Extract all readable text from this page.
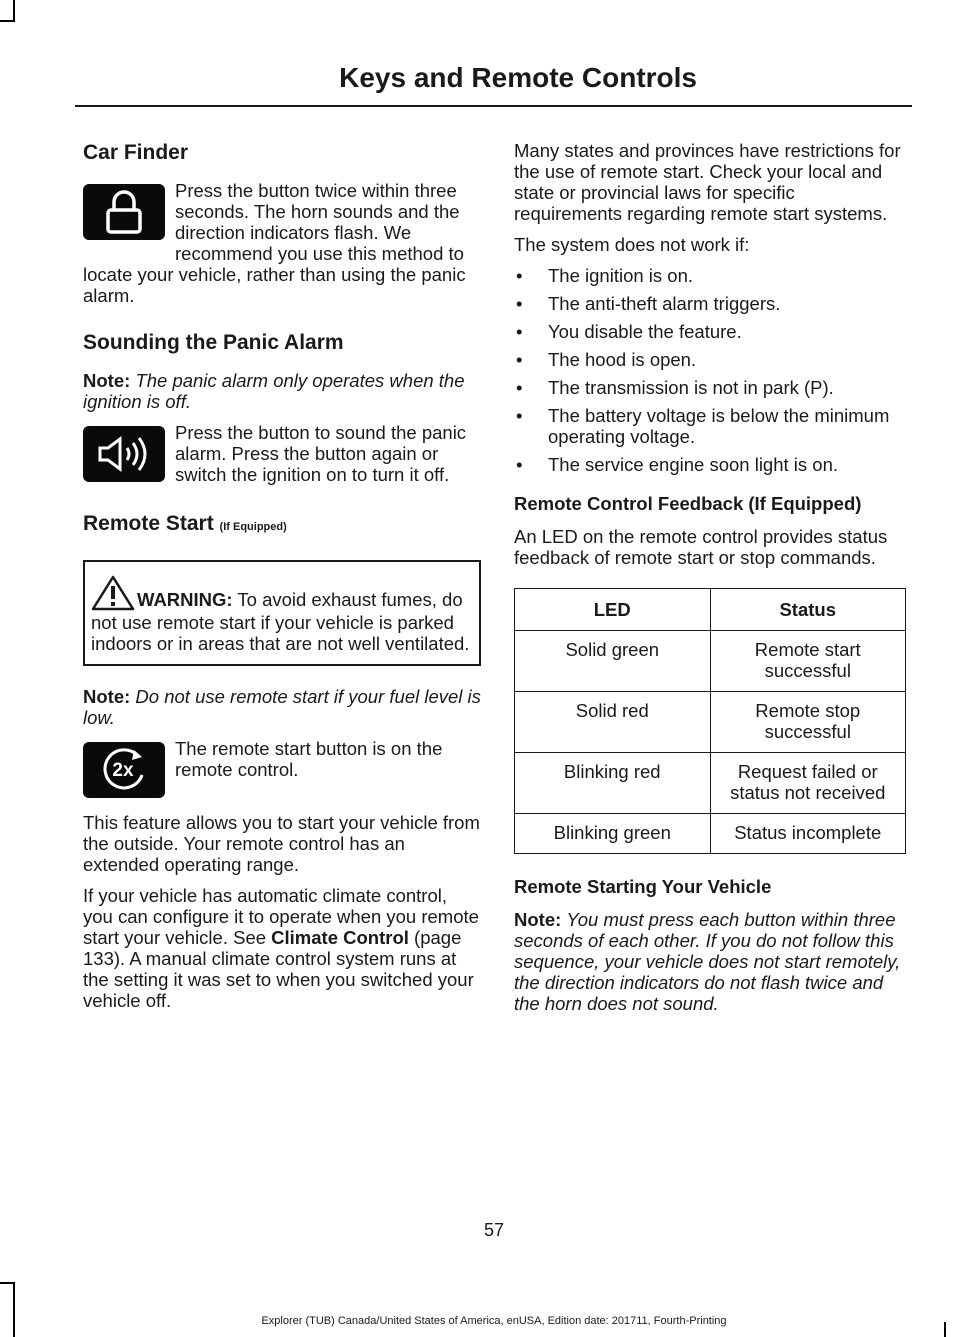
Keys and Remote Controls
Car Finder

Press the button twice within three seconds. The horn sounds and the direction indicators flash. We recommend you use this method to locate your vehicle, rather than using the panic alarm.

Sounding the Panic Alarm

Note: The panic alarm only operates when the ignition is off.

Press the button to sound the panic alarm. Press the button again or switch the ignition on to turn it off.

Remote Start (If Equipped)
WARNING: To avoid exhaust fumes, do not use remote start if your vehicle is parked indoors or in areas that are not well ventilated.

Note: Do not use remote start if your fuel level is low.

2x

The remote start button is on the remote control.

This feature allows you to start your vehicle from the outside. Your remote control has an extended operating range.

If your vehicle has automatic climate control, you can configure it to operate when you remote start your vehicle. See Climate Control (page 133). A manual climate control system runs at the setting it was set to when you switched your vehicle off.

Many states and provinces have restrictions for the use of remote start. Check your local and state or provincial laws for specific requirements regarding remote start systems.

The system does not work if:

• The ignition is on.
• The anti-theft alarm triggers.
• You disable the feature.
• The hood is open.
• The transmission is not in park (P).
• The battery voltage is below the minimum operating voltage.
• The service engine soon light is on.
Remote Control Feedback (If Equipped)

An LED on the remote control provides status feedback of remote start or stop commands.

LED	Status
Solid green	Remote start successful
Solid red	Remote stop successful
Blinking red	Request failed or status not received
Blinking green	Status incomplete
Remote Starting Your Vehicle

Note: You must press each button within three seconds of each other. If you do not follow this sequence, your vehicle does not start remotely, the direction indicators do not flash twice and the horn does not sound.

57
Explorer (TUB) Canada/United States of America, enUSA, Edition date: 201711, Fourth-Printing
